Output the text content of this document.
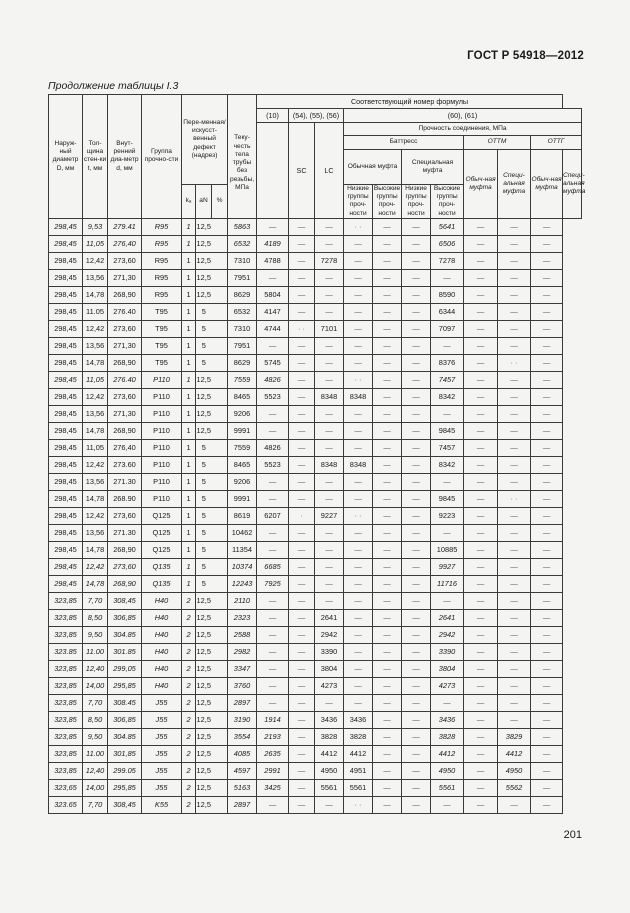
ГОСТ Р 54918—2012
Продолжение таблицы I.3
Наруж-ный диаметр D, мм	Тол-щина стен-ки t, мм	Внут-ренний диа-метр d, мм	Группа прочно-сти	Пере-менная/ искусст-венный дефект (надрез)				Соответствующий номер формулы										
							Теку-честь тела трубы без резьбы, МПа	(10)	(54), (55), (56)		(60), (61)							
									SC	LC	Прочность соединения, МПа							
											Баттресс				ОТТМ		ОТТГ	
											Обычная муфта		Специальная муфта		Обыч-ная муфта	Специ-альная муфта	Обыч-ная муфта	Специ-альная муфта
				kₐ	aN	%					Низкие группы проч-ности	Высокие группы проч-ности	Низкие группы проч-ности	Высокие группы проч-ности				
298,45	9,53	279.41	R95	1	12,5		5863	—	—	—	· ·	—	—	5641	—	—	—	
298,45	11,05	276,40	R95	1	12,5		6532	4189	—	—	—	—	—	6506	—	—	—	
298,45	12,42	273,60	R95	1	12,5		7310	4788	—	7278	—	—	—	7278	—	—	—	
298,45	13,56	271,30	R95	1	12,5		7951	—	—	—	—	—	—	—	—	—	—	
298,45	14,78	268,90	R95	1	12,5		8629	5804	—	—	—	—	—	8590	—	—	—	
298,45	11.05	276.40	T95	1	5		6532	4147	—	—	—	—	—	6344	—	—	—	
298,45	12,42	273,60	T95	1	5		7310	4744	· ·	7101	—	—	—	7097	—	—	—	
298,45	13,56	271,30	T95	1	5		7951	—	—	—	—	—	—	—	—	—	—	
298,45	14,78	268,90	T95	1	5		8629	5745	—	—	—	—	—	8376	—	· ·	—	
298,45	11,05	276.40	P110	1	12,5		7559	4826	—	—	· ·	—	—	7457	—	—	—	
298,45	12,42	273,60	P110	1	12,5		8465	5523	—	8348	8348	—	—	8342	—	—	—	
298,45	13,56	271,30	P110	1	12,5		9206	—	—	—	—	—	—	—	—	—	—	
298,45	14,78	268,90	P110	1	12,5		9991	—	—	—	—	—	—	9845	—	—	—	
298,45	11,05	276,40	P110	1	5		7559	4826	—	—	—	—	—	7457	—	—	—	
298,45	12,42	273.60	P110	1	5		8465	5523	—	8348	8348	—	—	8342	—	—	—	
298,45	13,56	271.30	P110	1	5		9206	—	—	—	—	—	—	—	—	—	—	
298,45	14,78	268.90	P110	1	5		9991	—	—	—	—	—	—	9845	—	· ·	—	
298,45	12,42	273,60	Q125	1	5		8619	6207	·	9227	· ·	—	—	9223	—	—	—	
298,45	13,56	271.30	Q125	1	5		10462	—	—	—	—	—	—	—	—	—	—	
298,45	14,78	268,90	Q125	1	5		11354	—	—	—	—	—	—	10885	—	—	—	
298,45	12,42	273,60	Q135	1	5		10374	6685	—	—	—	—	—	9927	—	—	—	
298,45	14,78	268,90	Q135	1	5		12243	7925	—	—	—	—	—	11716	—	—	—	
323,85	7,70	308,45	H40	2	12,5		2110	—	—	—	—	—	—	—	—	—	—	
323,85	8,50	306,85	H40	2	12,5		2323	—	—	2641	—	—	—	2641	—	—	—	
323,85	9,50	304.85	H40	2	12,5		2588	—	—	2942	—	—	—	2942	—	—	—	
323.85	11.00	301.85	H40	2	12,5		2982	—	—	3390	—	—	—	3390	—	—	—	
323,85	12,40	299,05	H40	2	12,5		3347	—	—	3804	—	—	—	3804	—	—	—	
323,85	14,00	295,85	H40	2	12,5		3760	—	—	4273	—	—	—	4273	—	—	—	
323,85	7,70	308.45	J55	2	12,5		2897	—	—	—	—	—	—	—	—	—	—	
323,85	8,50	306,85	J55	2	12,5		3190	1914	—	3436	3436	—	—	3436	—	—	—	
323,85	9,50	304.85	J55	2	12,5		3554	2193	—	3828	3828	—	—	3828	—	3829	—	
323,85	11.00	301,85	J55	2	12,5		4085	2635	—	4412	4412	—	—	4412	—	4412	—	
323,85	12,40	299.05	J55	2	12,5		4597	2991	—	4950	4951	—	—	4950	—	4950	—	
323,65	14,00	295,85	J55	2	12,5		5163	3425	—	5561	5561	—	—	5561	—	5562	—	
323.65	7,70	308,45	K55	2	12,5		2897	—	—	—	· ·	—	—	—	—	—	—	
201
